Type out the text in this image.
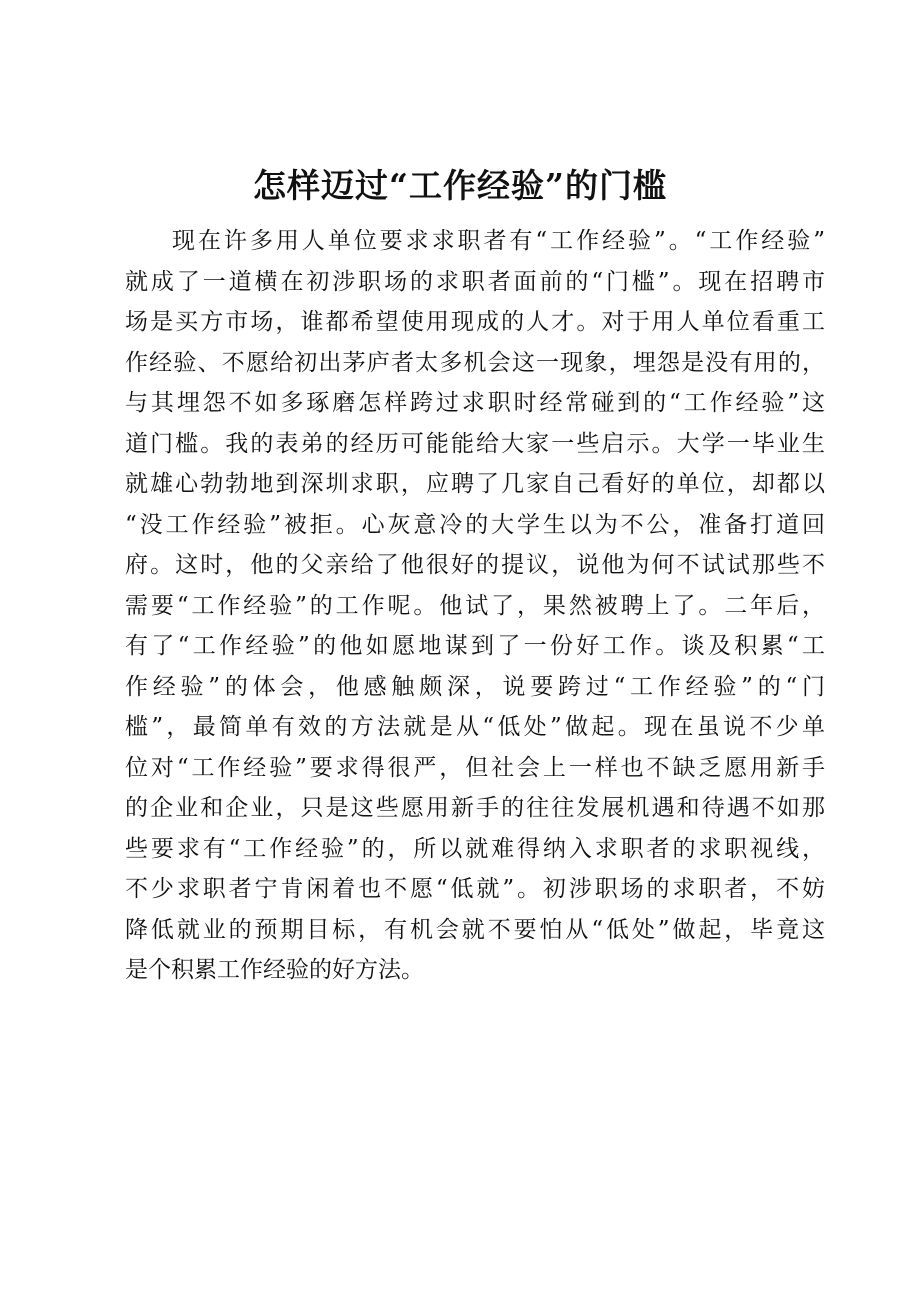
怎样迈过“工作经验”的门槛
现在许多用人单位要求求职者有“工作经验”。“工作经验”
就成了一道横在初涉职场的求职者面前的“门槛”。现在招聘市
场是买方市场，谁都希望使用现成的人才。对于用人单位看重工
作经验、不愿给初出茅庐者太多机会这一现象，埋怨是没有用的，
与其埋怨不如多琢磨怎样跨过求职时经常碰到的“工作经验”这
道门槛。我的表弟的经历可能能给大家一些启示。大学一毕业生
就雄心勃勃地到深圳求职，应聘了几家自己看好的单位，却都以
“没工作经验”被拒。心灰意冷的大学生以为不公，准备打道回
府。这时，他的父亲给了他很好的提议，说他为何不试试那些不
需要“工作经验”的工作呢。他试了，果然被聘上了。二年后，
有了“工作经验”的他如愿地谋到了一份好工作。谈及积累“工
作经验”的体会，他感触颇深，说要跨过“工作经验”的“门
槛”，最简单有效的方法就是从“低处”做起。现在虽说不少单
位对“工作经验”要求得很严，但社会上一样也不缺乏愿用新手
的企业和企业，只是这些愿用新手的往往发展机遇和待遇不如那
些要求有“工作经验”的，所以就难得纳入求职者的求职视线，
不少求职者宁肯闲着也不愿“低就”。初涉职场的求职者，不妨
降低就业的预期目标，有机会就不要怕从“低处”做起，毕竟这
是个积累工作经验的好方法。
